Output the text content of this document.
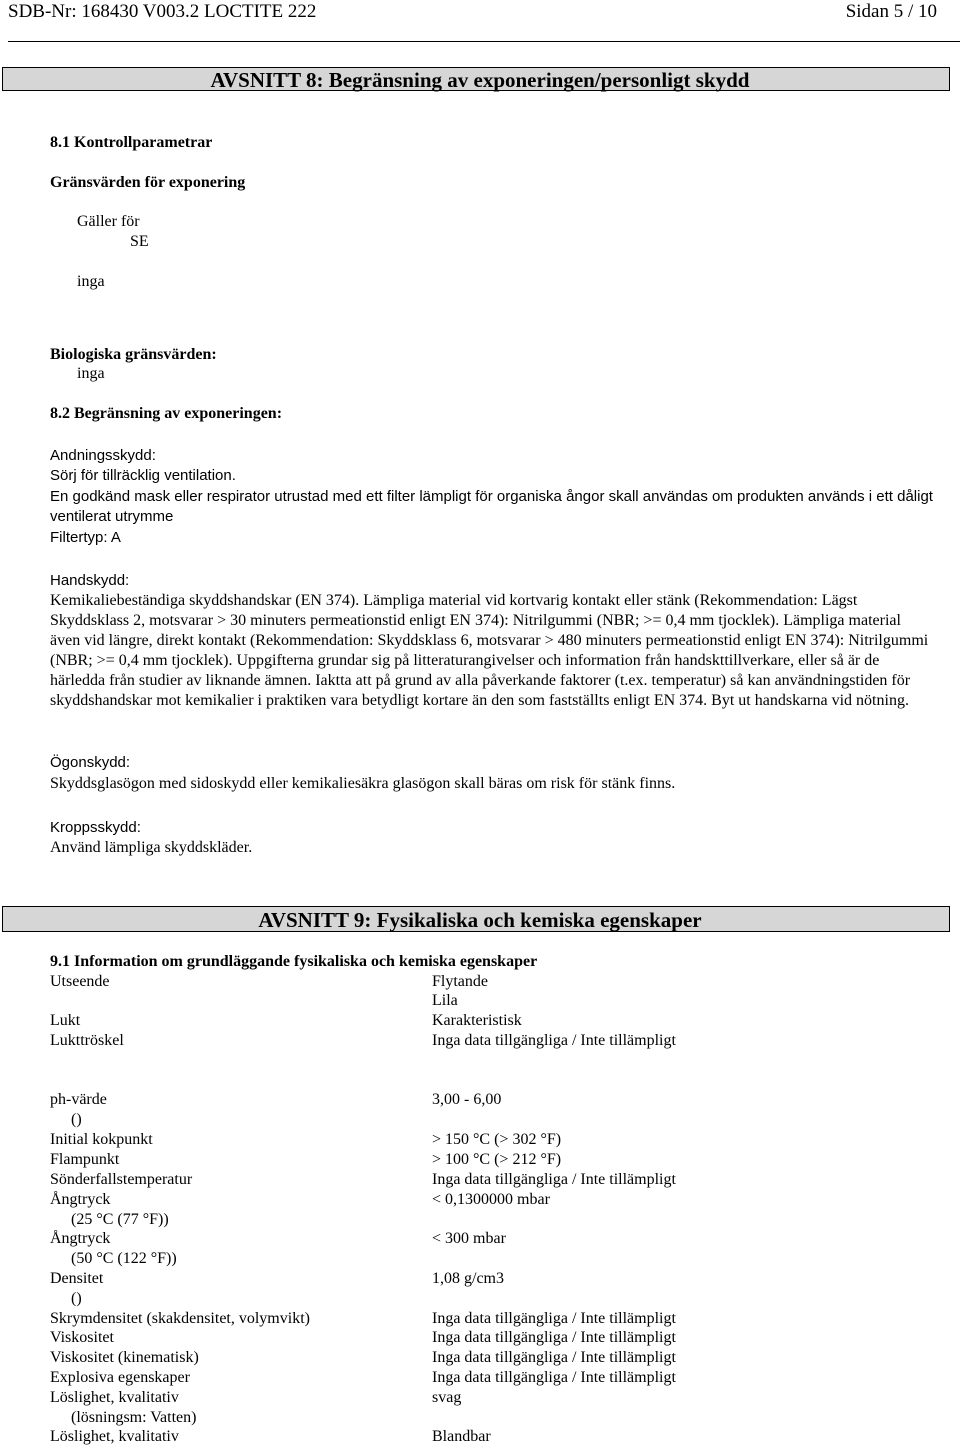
SDB-Nr: 168430 V003.2 LOCTITE 222	Sidan 5 / 10
AVSNITT 8: Begränsning av exponeringen/personligt skydd
8.1 Kontrollparametrar
Gränsvärden för exponering
Gäller för
SE
inga
Biologiska gränsvärden:
inga
8.2 Begränsning av exponeringen:
Andningsskydd:
Sörj för tillräcklig ventilation.
En godkänd mask eller respirator utrustad med ett filter lämpligt för organiska ångor skall användas om produkten används i ett dåligt ventilerat utrymme
Filtertyp: A
Handskydd:
Kemikaliebeständiga skyddshandskar (EN 374). Lämpliga material vid kortvarig kontakt eller stänk (Rekommendation: Lägst Skyddsklass 2, motsvarar > 30 minuters permeationstid enligt EN 374): Nitrilgummi (NBR; >= 0,4 mm tjocklek). Lämpliga material även vid längre, direkt kontakt (Rekommendation: Skyddsklass 6, motsvarar > 480 minuters permeationstid enligt EN 374): Nitrilgummi (NBR; >= 0,4 mm tjocklek). Uppgifterna grundar sig på litteraturangivelser och information från handskttillverkare, eller så är de härledda från studier av liknande ämnen. Iaktta att på grund av alla påverkande faktorer (t.ex. temperatur) så kan användningstiden för skyddshandskar mot kemikalier i praktiken vara betydligt kortare än den som fastställts enligt EN 374. Byt ut handskarna vid nötning.
Ögonskydd:
Skyddsglasögon med sidoskydd eller kemikaliesäkra glasögon skall bäras om risk för stänk finns.
Kroppsskydd:
Använd lämpliga skyddskläder.
AVSNITT 9: Fysikaliska och kemiska egenskaper
9.1 Information om grundläggande fysikaliska och kemiska egenskaper
Utseende	Flytande
Lila
Lukt	Karakteristisk
Lukttröskel	Inga data tillgängliga / Inte tillämpligt
ph-värde	3,00 - 6,00
()
Initial kokpunkt	> 150 °C (> 302 °F)
Flampunkt	> 100 °C (> 212 °F)
Sönderfallstemperatur	Inga data tillgängliga / Inte tillämpligt
Ångtryck	< 0,1300000 mbar
(25 °C (77 °F))
Ångtryck	< 300 mbar
(50 °C (122 °F))
Densitet	1,08 g/cm3
()
Skrymdensitet (skakdensitet, volymvikt)	Inga data tillgängliga / Inte tillämpligt
Viskositet	Inga data tillgängliga / Inte tillämpligt
Viskositet (kinematisk)	Inga data tillgängliga / Inte tillämpligt
Explosiva egenskaper	Inga data tillgängliga / Inte tillämpligt
Löslighet, kvalitativ	svag
(lösningsm: Vatten)
Löslighet, kvalitativ	Blandbar
